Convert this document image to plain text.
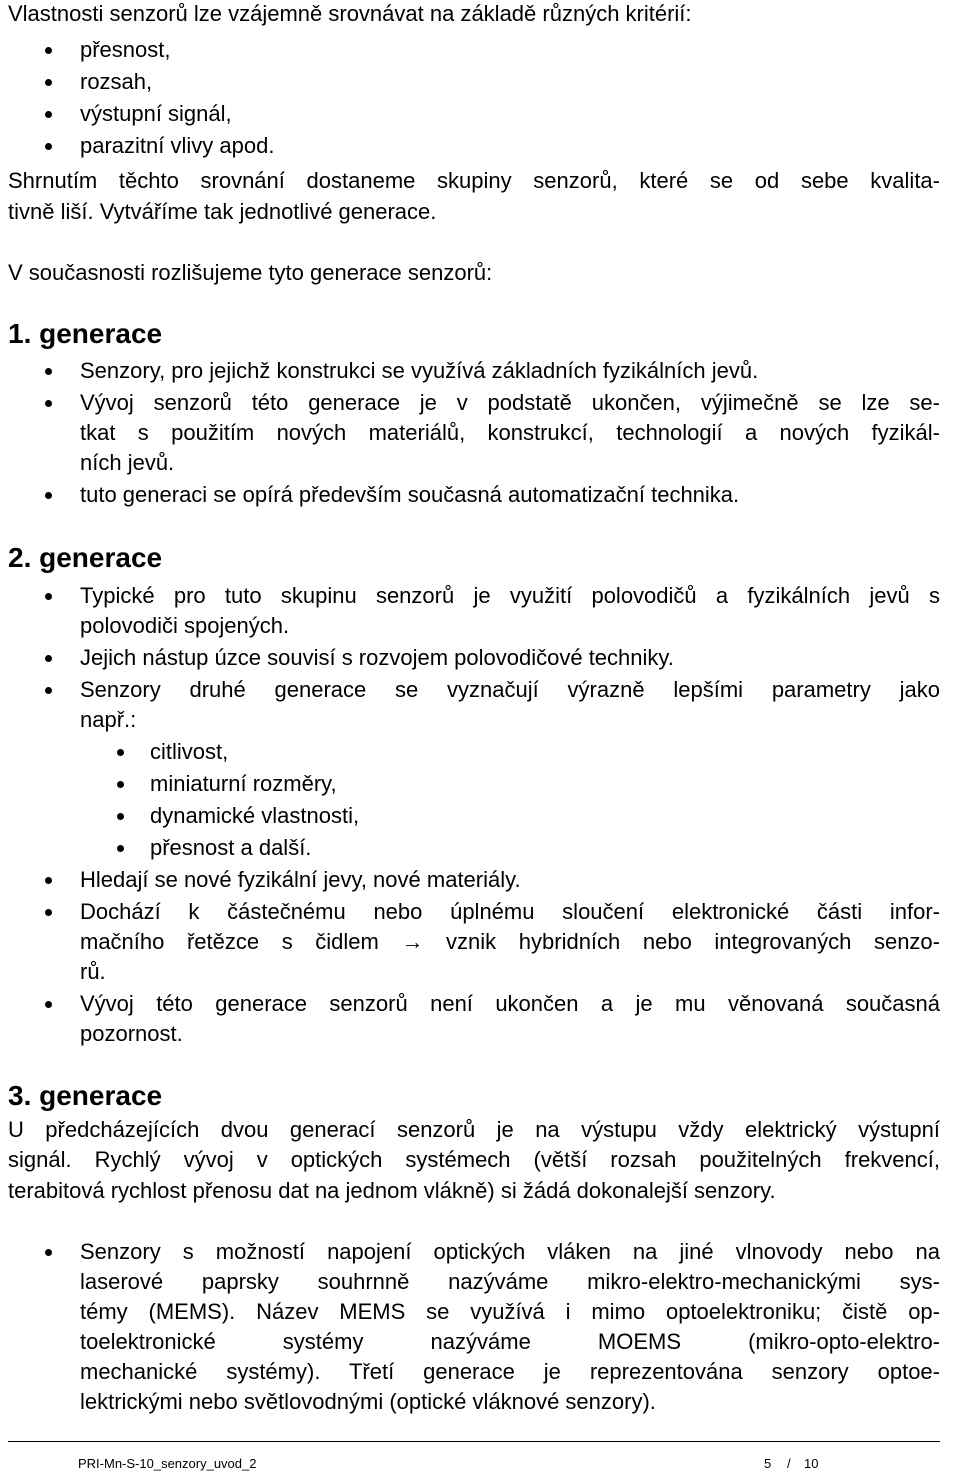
Vlastnosti senzorů lze vzájemně srovnávat na základě různých kritérií:
přesnost,
rozsah,
výstupní signál,
parazitní vlivy apod.
Shrnutím těchto srovnání dostaneme skupiny senzorů, které se od sebe kvalita-
tivně liší. Vytváříme tak jednotlivé generace.
V současnosti rozlišujeme tyto generace senzorů:
1. generace
Senzory, pro jejichž konstrukci se využívá základních fyzikálních jevů.
Vývoj senzorů této generace je v podstatě ukončen, výjimečně se lze se-
tkat s použitím nových materiálů, konstrukcí, technologií a nových fyzikál-
ních jevů.
tuto generaci se opírá především současná automatizační technika.
2. generace
Typické pro tuto skupinu senzorů je využití polovodičů a fyzikálních jevů s
polovodiči spojených.
Jejich nástup úzce souvisí s rozvojem polovodičové techniky.
Senzory druhé generace se vyznačují výrazně lepšími parametry jako
např.:
citlivost,
miniaturní rozměry,
dynamické vlastnosti,
přesnost a další.
Hledají se nové fyzikální jevy, nové materiály.
Dochází k částečnému nebo úplnému sloučení elektronické části infor-
mačního řetězce s čidlem → vznik hybridních nebo integrovaných senzo-
rů.
Vývoj této generace senzorů není ukončen a je mu věnovaná současná
pozornost.
3. generace
U předcházejících dvou generací senzorů je na výstupu vždy elektrický výstupní
signál. Rychlý vývoj v optických systémech (větší rozsah použitelných frekvencí,
terabitová rychlost přenosu dat na jednom vlákně) si žádá dokonalejší senzory.
Senzory s možností napojení optických vláken na jiné vlnovody nebo na
laserové paprsky souhrnně nazýváme mikro-elektro-mechanickými sys-
témy (MEMS). Název MEMS se využívá i mimo optoelektroniku; čistě op-
toelektronické systémy nazýváme MOEMS (mikro-opto-elektro-
mechanické systémy). Třetí generace je reprezentována senzory optoe-
lektrickými nebo světlovodnými (optické vláknové senzory).
PRI-Mn-S-10_senzory_uvod_2	5 / 10
